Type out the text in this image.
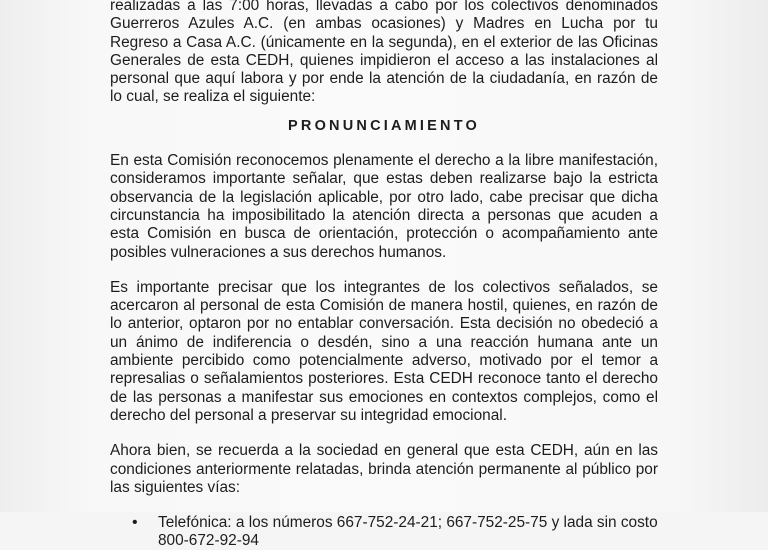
realizadas a las 7:00 horas, llevadas a cabo por los colectivos denominados Guerreros Azules A.C. (en ambas ocasiones) y Madres en Lucha por tu Regreso a Casa A.C. (únicamente en la segunda), en el exterior de las Oficinas Generales de esta CEDH, quienes impidieron el acceso a las instalaciones al personal que aquí labora y por ende la atención de la ciudadanía, en razón de lo cual, se realiza el siguiente:

PRONUNCIAMIENTO

En esta Comisión reconocemos plenamente el derecho a la libre manifestación, consideramos importante señalar, que estas deben realizarse bajo la estricta observancia de la legislación aplicable, por otro lado, cabe precisar que dicha circunstancia ha imposibilitado la atención directa a personas que acuden a esta Comisión en busca de orientación, protección o acompañamiento ante posibles vulneraciones a sus derechos humanos.

Es importante precisar que los integrantes de los colectivos señalados, se acercaron al personal de esta Comisión de manera hostil, quienes, en razón de lo anterior, optaron por no entablar conversación. Esta decisión no obedeció a un ánimo de indiferencia o desdén, sino a una reacción humana ante un ambiente percibido como potencialmente adverso, motivado por el temor a represalias o señalamientos posteriores. Esta CEDH reconoce tanto el derecho de las personas a manifestar sus emociones en contextos complejos, como el derecho del personal a preservar su integridad emocional.

Ahora bien, se recuerda a la sociedad en general que esta CEDH, aún en las condiciones anteriormente relatadas, brinda atención permanente al público por las siguientes vías:

• Telefónica: a los números 667-752-24-21; 667-752-25-75 y lada sin costo
800-672-92-94
